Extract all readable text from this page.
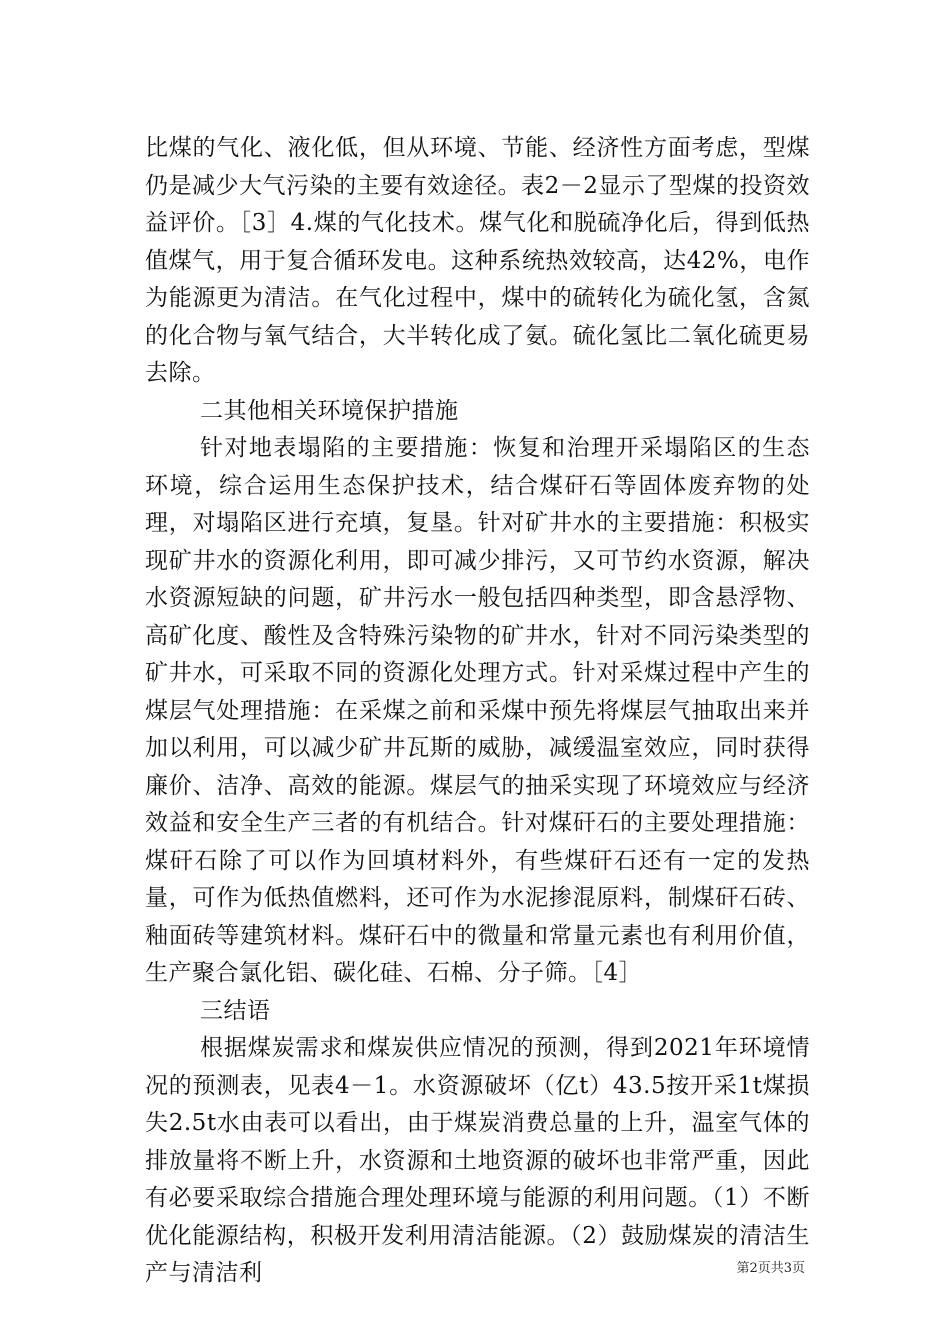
比煤的气化、液化低，但从环境、节能、经济性方面考虑，型煤仍是减少大气污染的主要有效途径。表2－2显示了型煤的投资效益评价。［3］4.煤的气化技术。煤气化和脱硫净化后，得到低热值煤气，用于复合循环发电。这种系统热效较高，达42%，电作为能源更为清洁。在气化过程中，煤中的硫转化为硫化氢，含氮的化合物与氧气结合，大半转化成了氨。硫化氢比二氧化硫更易去除。

二其他相关环境保护措施

针对地表塌陷的主要措施：恢复和治理开采塌陷区的生态环境，综合运用生态保护技术，结合煤矸石等固体废弃物的处理，对塌陷区进行充填，复垦。针对矿井水的主要措施：积极实现矿井水的资源化利用，即可减少排污，又可节约水资源，解决水资源短缺的问题，矿井污水一般包括四种类型，即含悬浮物、高矿化度、酸性及含特殊污染物的矿井水，针对不同污染类型的矿井水，可采取不同的资源化处理方式。针对采煤过程中产生的煤层气处理措施：在采煤之前和采煤中预先将煤层气抽取出来并加以利用，可以减少矿井瓦斯的威胁，减缓温室效应，同时获得廉价、洁净、高效的能源。煤层气的抽采实现了环境效应与经济效益和安全生产三者的有机结合。针对煤矸石的主要处理措施：煤矸石除了可以作为回填材料外，有些煤矸石还有一定的发热量，可作为低热值燃料，还可作为水泥掺混原料，制煤矸石砖、釉面砖等建筑材料。煤矸石中的微量和常量元素也有利用价值，生产聚合氯化铝、碳化硅、石棉、分子筛。［4］

三结语

根据煤炭需求和煤炭供应情况的预测，得到2021年环境情况的预测表，见表4－1。水资源破坏（亿t）43.5按开采1t煤损失2.5t水由表可以看出，由于煤炭消费总量的上升，温室气体的排放量将不断上升，水资源和土地资源的破坏也非常严重，因此有必要采取综合措施合理处理环境与能源的利用问题。（1）不断优化能源结构，积极开发利用清洁能源。（2）鼓励煤炭的清洁生产与清洁利	第2页共3页
